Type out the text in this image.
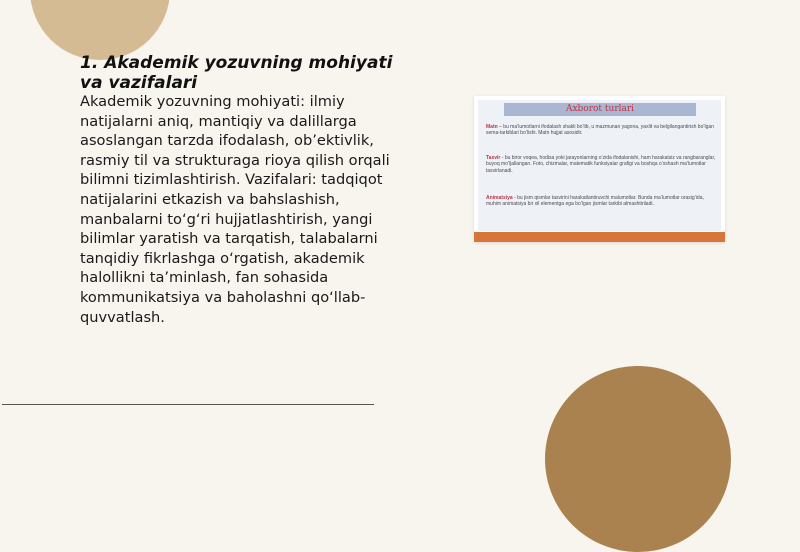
1. Akademik yozuvning mohiyati va vazifalari

Akademik yozuvning mohiyati: ilmiy natijalarni aniq, mantiqiy va dalillarga asoslangan tarzda ifodalash, ob’ektivlik, rasmiy til va strukturaga rioya qilish orqali bilimni tizimlashtirish. Vazifalari: tadqiqot natijalarini etkazish va bahslashish, manbalarni to‘g‘ri hujjatlashtirish, yangi bilimlar yaratish va tarqatish, talabalarni tanqidiy fikrlashga o‘rgatish, akademik halollikni ta’minlash, fan sohasida kommunikatsiya va baholashni qo‘llab-quvvatlash.

Axborot turlari

Matn – bu ma’lumotlarni ifodalash shakli bo‘lib, u mazmunan yagona, yaxlit va belgilangantirish bo‘lgan sema-tarkiblari bo‘lishi. Matn hujjat asosidir.

Tasvir - bu biror voqea, hodisa yoki jarayonlarning o‘zida ifodalanishi, ham harakatsiz va rangbaranglar, buyoq mo‘ljallangan. Foto, chizmalar, matematik funksiyalar grafigi va boshqa o‘xshash ma’lumotlar tasvirlanadi.

Animatsiya - bu jism qismlar tasvirini harakatlantiruvchi malumotlar. Bunda ma’lumotlar orasig‘ida, muhim animatsiya bir xil elementga ega bo‘lgan jismlar tarkibi almashtiriladi.
